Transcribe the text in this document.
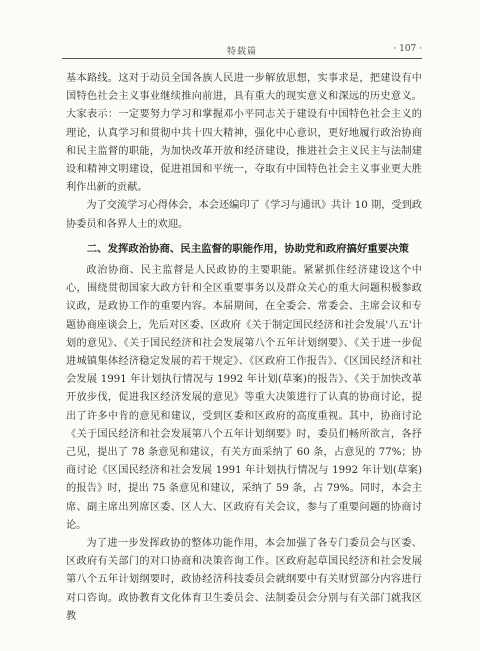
特载篇	· 107 ·

基本路线。这对于动员全国各族人民进一步解放思想，实事求是，把建设有中国特色社会主义事业继续推向前进，具有重大的现实意义和深远的历史意义。大家表示：一定要努力学习和掌握邓小平同志关于建设有中国特色社会主义的理论，认真学习和贯彻中共十四大精神，强化中心意识，更好地履行政治协商和民主监督的职能，为加快改革开放和经济建设，推进社会主义民主与法制建设和精神文明建设，促进祖国和平统一，夺取有中国特色社会主义事业更大胜利作出新的贡献。

为了交流学习心得体会，本会还编印了《学习与通讯》共计 10 期，受到政协委员和各界人士的欢迎。

二、发挥政治协商、民主监督的职能作用，协助党和政府搞好重要决策

政治协商、民主监督是人民政协的主要职能。紧紧抓住经济建设这个中心，围绕贯彻国家大政方针和全区重要事务以及群众关心的重大问题积极参政议政，是政协工作的重要内容。本届期间，在全委会、常委会、主席会议和专题协商座谈会上，先后对区委、区政府《关于制定国民经济和社会发展'八五'计划的意见》、《关于国民经济和社会发展第八个五年计划纲要》、《关于进一步促进城镇集体经济稳定发展的若干规定》、《区政府工作报告》、《区国民经济和社会发展 1991 年计划执行情况与 1992 年计划(草案)的报告》、《关于加快改革开放步伐，促进我区经济发展的意见》等重大决策进行了认真的协商讨论，提出了许多中肯的意见和建议，受到区委和区政府的高度重视。其中，协商讨论《关于国民经济和社会发展第八个五年计划纲要》时，委员们畅所欲言，各抒己见，提出了 78 条意见和建议，有关方面采纳了 60 条，占意见的 77%；协商讨论《区国民经济和社会发展 1991 年计划执行情况与 1992 年计划(草案)的报告》时，提出 75 条意见和建议，采纳了 59 条，占 79%。同时，本会主席、副主席出列席区委、区人大、区政府有关会议，参与了重要问题的协商讨论。

为了进一步发挥政协的整体功能作用，本会加强了各专门委员会与区委、区政府有关部门的对口协商和决策咨询工作。区政府起草国民经济和社会发展第八个五年计划纲要时，政协经济科技委员会就纲要中有关财贸部分内容进行对口咨询。政协教育文化体育卫生委员会、法制委员会分别与有关部门就我区教
